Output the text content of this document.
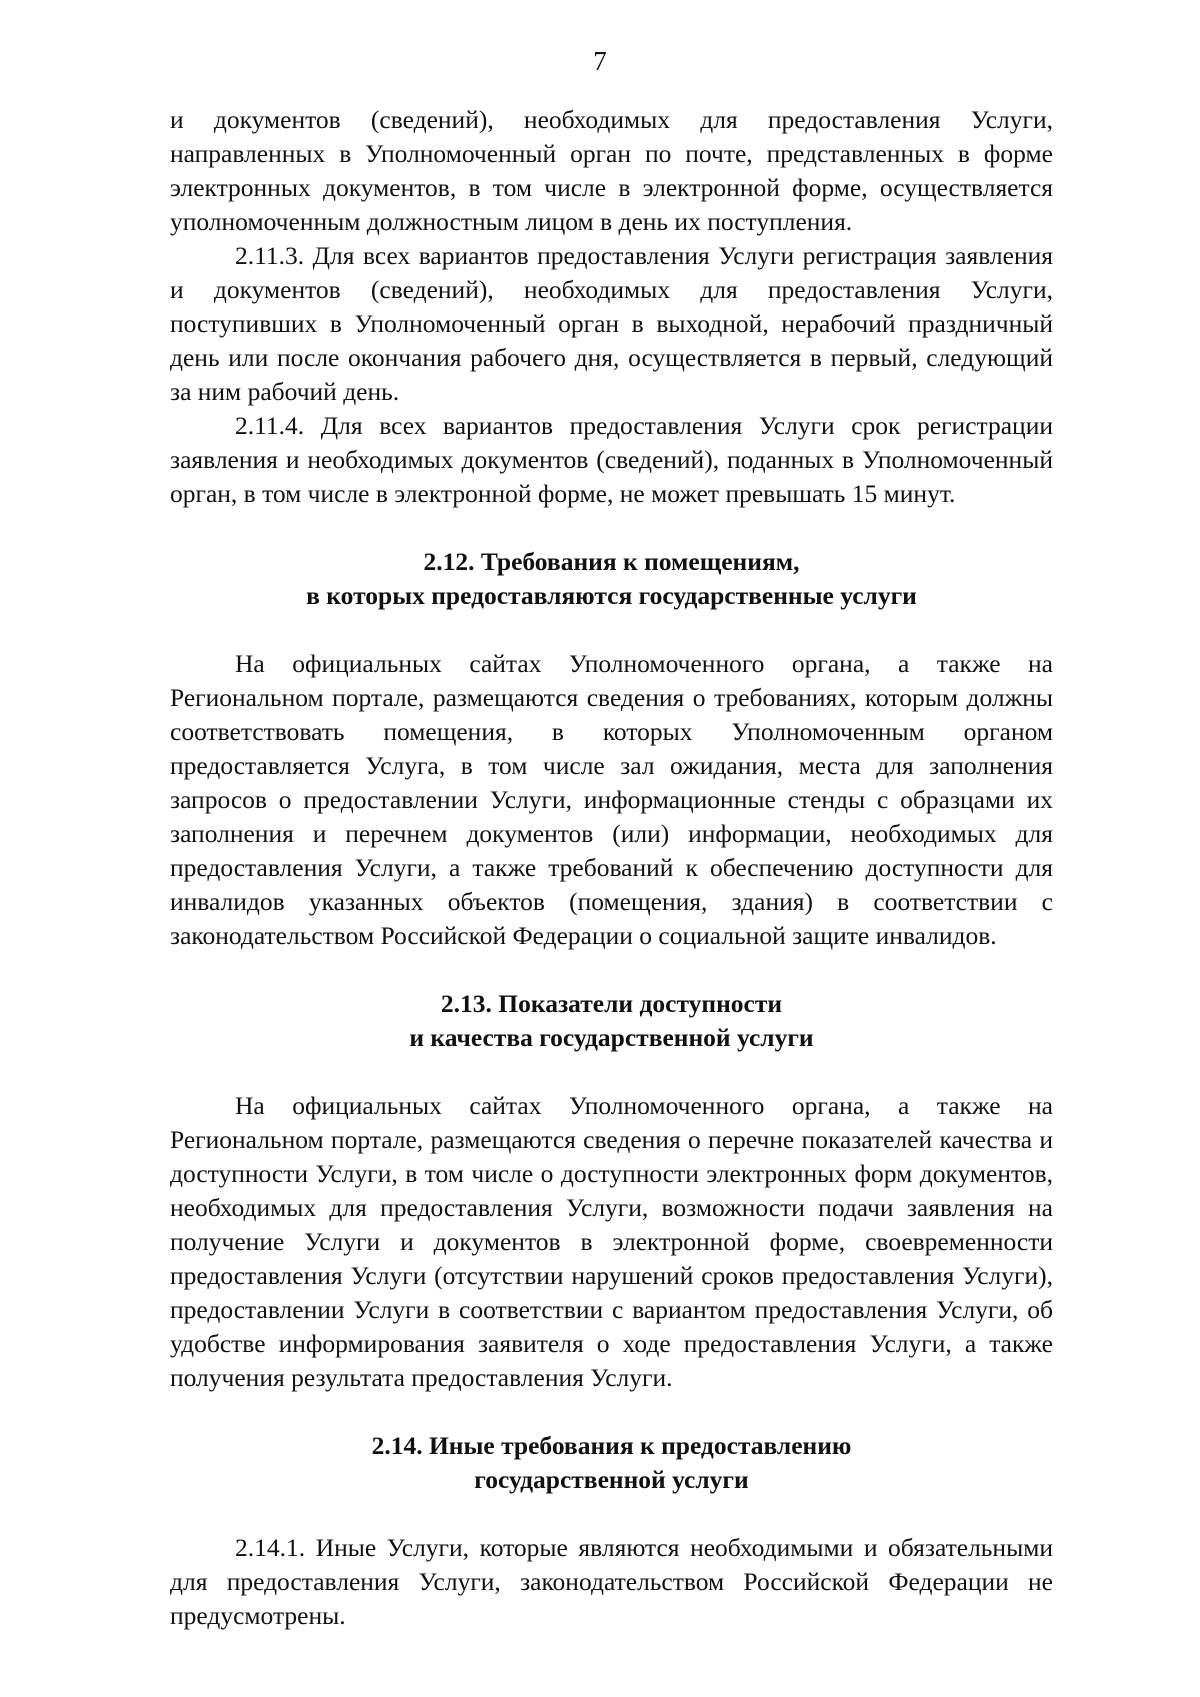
7

и документов (сведений), необходимых для предоставления Услуги, направленных в Уполномоченный орган по почте, представленных в форме электронных документов, в том числе в электронной форме, осуществляется уполномоченным должностным лицом в день их поступления.

2.11.3. Для всех вариантов предоставления Услуги регистрация заявления и документов (сведений), необходимых для предоставления Услуги, поступивших в Уполномоченный орган в выходной, нерабочий праздничный день или после окончания рабочего дня, осуществляется в первый, следующий за ним рабочий день.

2.11.4. Для всех вариантов предоставления Услуги срок регистрации заявления и необходимых документов (сведений), поданных в Уполномоченный орган, в том числе в электронной форме, не может превышать 15 минут.

2.12. Требования к помещениям,
в которых предоставляются государственные услуги

На официальных сайтах Уполномоченного органа, а также на Региональном портале, размещаются сведения о требованиях, которым должны соответствовать помещения, в которых Уполномоченным органом предоставляется Услуга, в том числе зал ожидания, места для заполнения запросов о предоставлении Услуги, информационные стенды с образцами их заполнения и перечнем документов (или) информации, необходимых для предоставления Услуги, а также требований к обеспечению доступности для инвалидов указанных объектов (помещения, здания) в соответствии с законодательством Российской Федерации о социальной защите инвалидов.

2.13. Показатели доступности
и качества государственной услуги

На официальных сайтах Уполномоченного органа, а также на Региональном портале, размещаются сведения о перечне показателей качества и доступности Услуги, в том числе о доступности электронных форм документов, необходимых для предоставления Услуги, возможности подачи заявления на получение Услуги и документов в электронной форме, своевременности предоставления Услуги (отсутствии нарушений сроков предоставления Услуги), предоставлении Услуги в соответствии с вариантом предоставления Услуги, об удобстве информирования заявителя о ходе предоставления Услуги, а также получения результата предоставления Услуги.

2.14. Иные требования к предоставлению
государственной услуги

2.14.1. Иные Услуги, которые являются необходимыми и обязательными для предоставления Услуги, законодательством Российской Федерации не предусмотрены.
